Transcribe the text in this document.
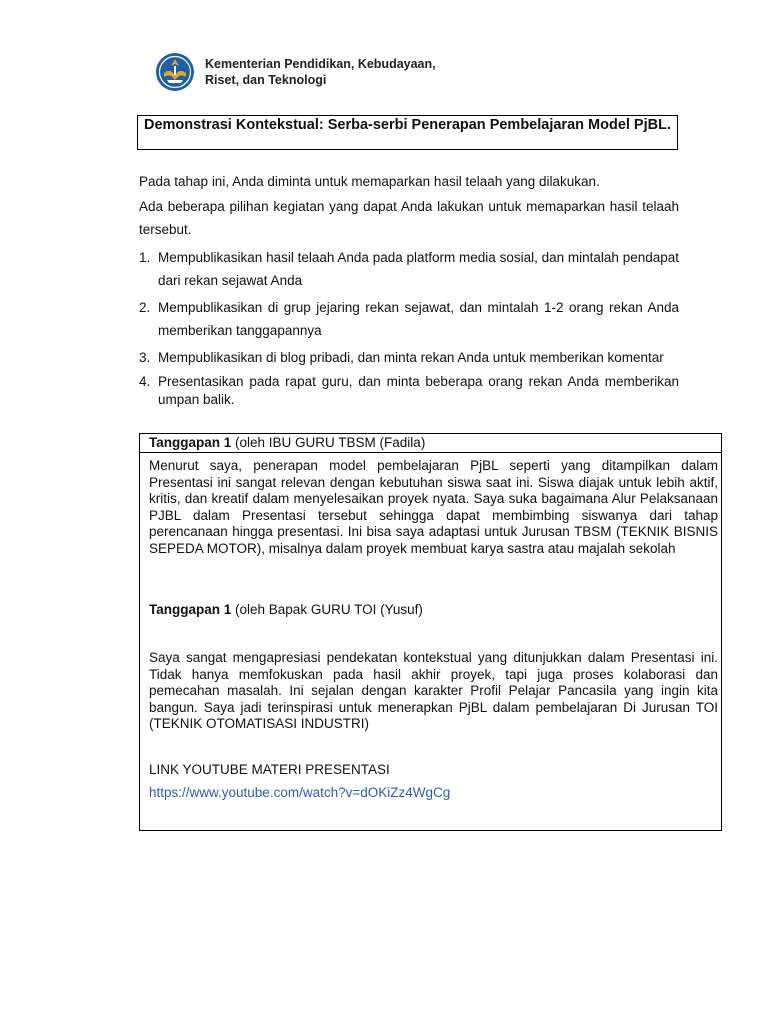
Kementerian Pendidikan, Kebudayaan,
Riset, dan Teknologi
Demonstrasi Kontekstual: Serba-serbi Penerapan Pembelajaran Model PjBL.
Pada tahap ini, Anda diminta untuk memaparkan hasil telaah yang dilakukan.
Ada beberapa pilihan kegiatan yang dapat Anda lakukan untuk memaparkan hasil telaah tersebut.
1. Mempublikasikan hasil telaah Anda pada platform media sosial, dan mintalah pendapat dari rekan sejawat Anda
2. Mempublikasikan di grup jejaring rekan sejawat, dan mintalah 1-2 orang rekan Anda memberikan tanggapannya
3. Mempublikasikan di blog pribadi, dan minta rekan Anda untuk memberikan komentar
4. Presentasikan pada rapat guru, dan minta beberapa orang rekan Anda memberikan umpan balik.
Tanggapan 1 (oleh IBU GURU TBSM (Fadila)
Menurut saya, penerapan model pembelajaran PjBL seperti yang ditampilkan dalam Presentasi ini sangat relevan dengan kebutuhan siswa saat ini. Siswa diajak untuk lebih aktif, kritis, dan kreatif dalam menyelesaikan proyek nyata. Saya suka bagaimana Alur Pelaksanaan PJBL dalam Presentasi tersebut sehingga dapat membimbing siswanya dari tahap perencanaan hingga presentasi. Ini bisa saya adaptasi untuk Jurusan TBSM (TEKNIK BISNIS SEPEDA MOTOR), misalnya dalam proyek membuat karya sastra atau majalah sekolah
Tanggapan 1 (oleh Bapak GURU TOI (Yusuf)
Saya sangat mengapresiasi pendekatan kontekstual yang ditunjukkan dalam Presentasi ini. Tidak hanya memfokuskan pada hasil akhir proyek, tapi juga proses kolaborasi dan pemecahan masalah. Ini sejalan dengan karakter Profil Pelajar Pancasila yang ingin kita bangun. Saya jadi terinspirasi untuk menerapkan PjBL dalam pembelajaran Di Jurusan TOI (TEKNIK OTOMATISASI INDUSTRI)
LINK YOUTUBE MATERI PRESENTASI
https://www.youtube.com/watch?v=dOKiZz4WgCg
